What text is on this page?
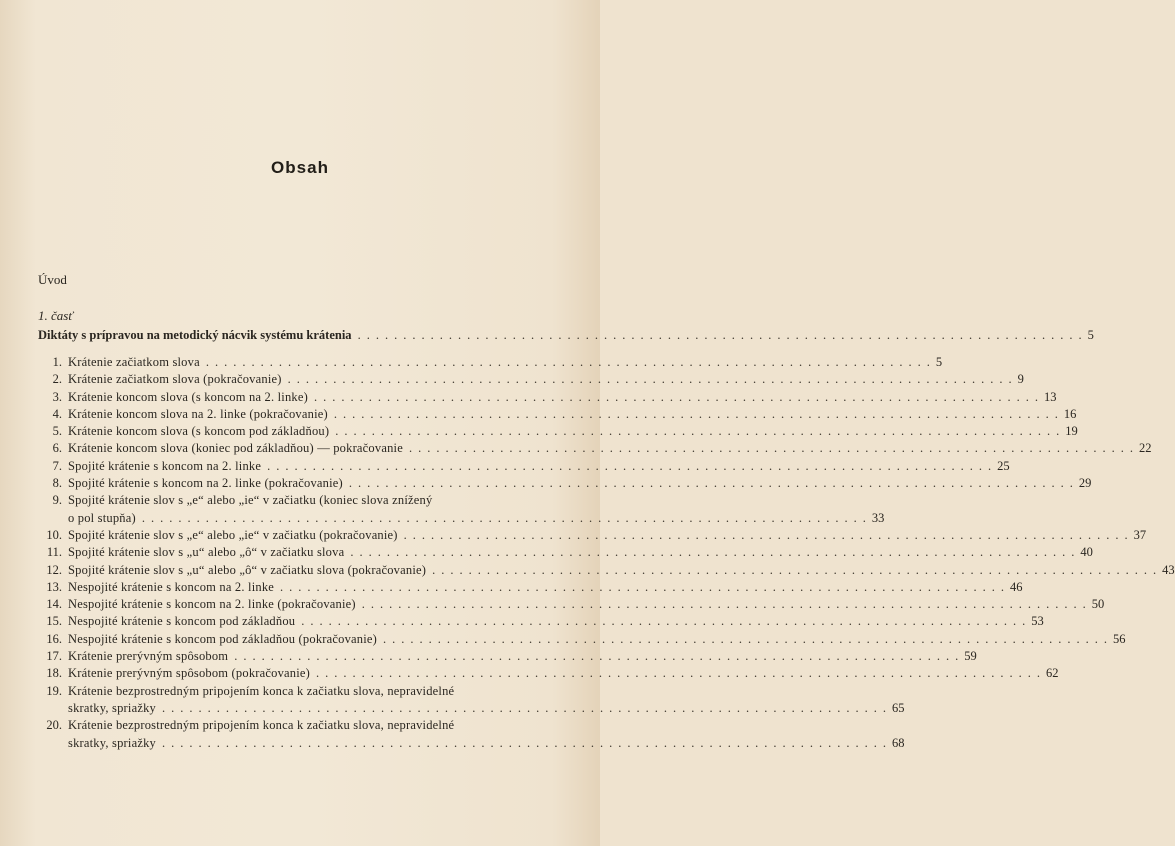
Obsah
Úvod
1. časť
Diktáty s prípravou na metodický nácvik systému krátenia ................................................................................ 5
1. Krátenie začiatkom slova ................................................................................ 5
2. Krátenie začiatkom slova (pokračovanie) ................................................................................ 9
3. Krátenie koncom slova (s koncom na 2. linke) ................................................................................ 13
4. Krátenie koncom slova na 2. linke (pokračovanie) ................................................................................ 16
5. Krátenie koncom slova (s koncom pod základňou) ................................................................................ 19
6. Krátenie koncom slova (koniec pod základňou) — pokračovanie ................................................................................ 22
7. Spojité krátenie s koncom na 2. linke ................................................................................ 25
8. Spojité krátenie s koncom na 2. linke (pokračovanie) ................................................................................ 29
9. Spojité krátenie slov s „e“ alebo „ie“ v začiatku (koniec slova znížený
o pol stupňa) ................................................................................ 33
10. Spojité krátenie slov s „e“ alebo „ie“ v začiatku (pokračovanie) ................................................................................ 37
11. Spojité krátenie slov s „u“ alebo „ô“ v začiatku slova ................................................................................ 40
12. Spojité krátenie slov s „u“ alebo „ô“ v začiatku slova (pokračovanie) ................................................................................ 43
13. Nespojité krátenie s koncom na 2. linke ................................................................................ 46
14. Nespojité krátenie s koncom na 2. linke (pokračovanie) ................................................................................ 50
15. Nespojité krátenie s koncom pod základňou ................................................................................ 53
16. Nespojité krátenie s koncom pod základňou (pokračovanie) ................................................................................ 56
17. Krátenie prerývným spôsobom ................................................................................ 59
18. Krátenie prerývným spôsobom (pokračovanie) ................................................................................ 62
19. Krátenie bezprostredným pripojením konca k začiatku slova, nepravidelné
skratky, spriažky ................................................................................ 65
20. Krátenie bezprostredným pripojením konca k začiatku slova, nepravidelné
skratky, spriažky ................................................................................ 68
